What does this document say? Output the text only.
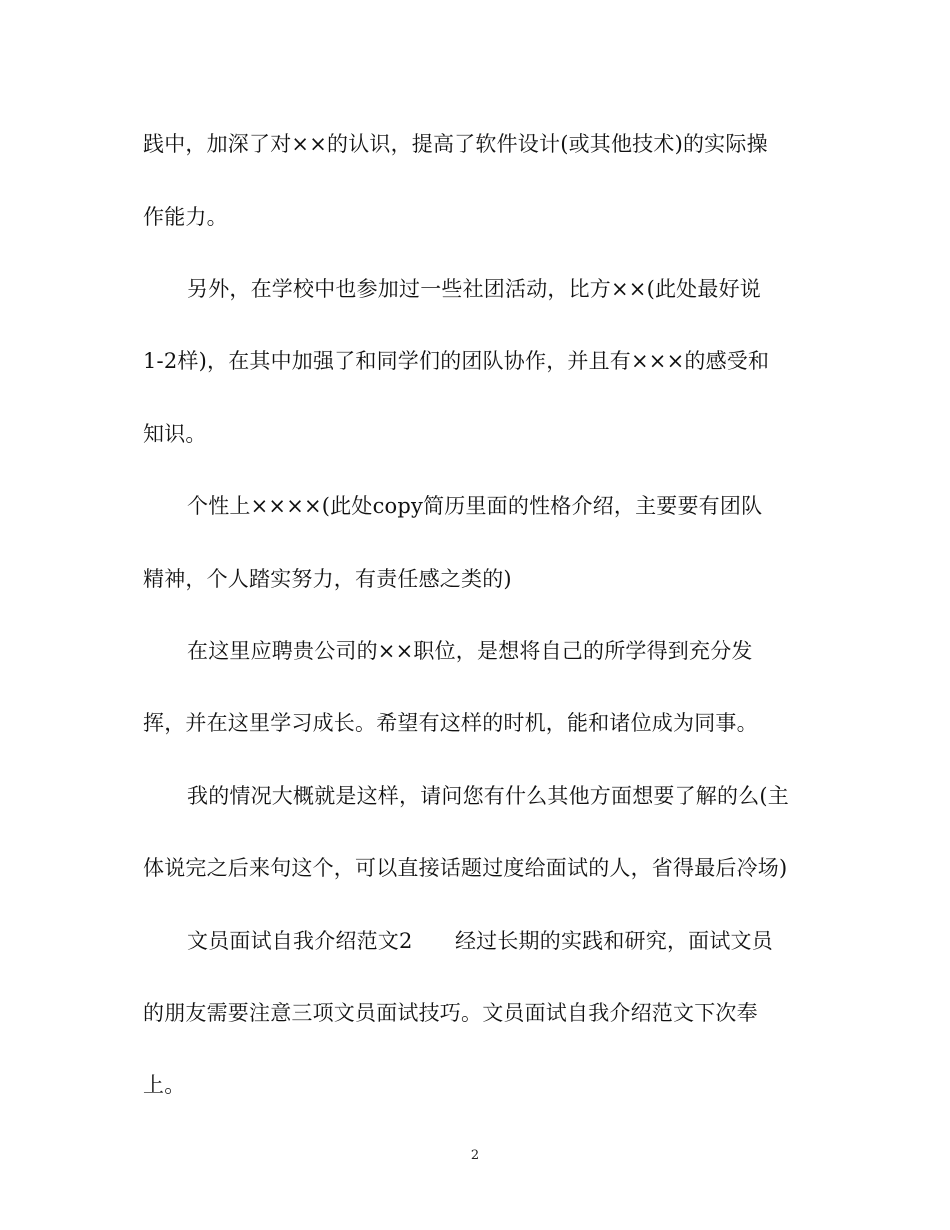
践中，加深了对××的认识，提高了软件设计(或其他技术)的实际操
作能力。
另外，在学校中也参加过一些社团活动，比方××(此处最好说
1-2样)，在其中加强了和同学们的团队协作，并且有×××的感受和
知识。
个性上××××(此处copy简历里面的性格介绍，主要要有团队
精神，个人踏实努力，有责任感之类的)
在这里应聘贵公司的××职位，是想将自己的所学得到充分发
挥，并在这里学习成长。希望有这样的时机，能和诸位成为同事。
我的情况大概就是这样，请问您有什么其他方面想要了解的么(主
体说完之后来句这个，可以直接话题过度给面试的人，省得最后冷场)
文员面试自我介绍范文2　　经过长期的实践和研究，面试文员
的朋友需要注意三项文员面试技巧。文员面试自我介绍范文下次奉
上。
2
